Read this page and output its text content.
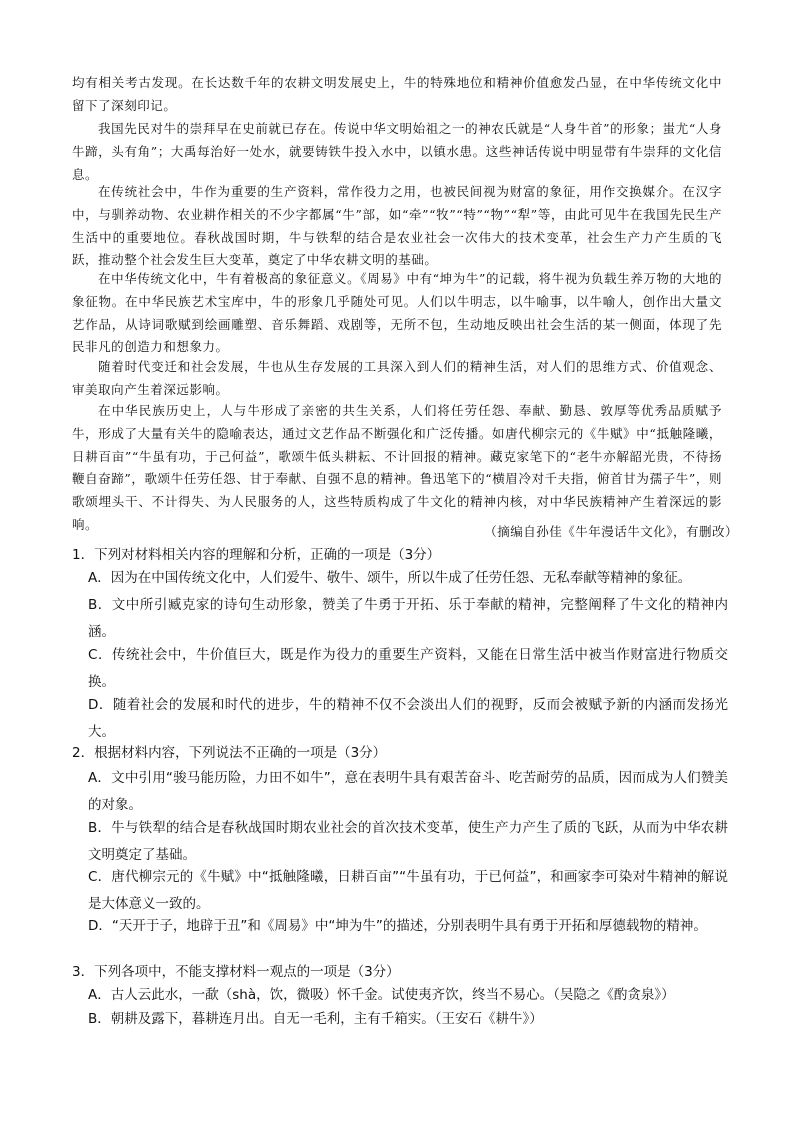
均有相关考古发现。在长达数千年的农耕文明发展史上，牛的特殊地位和精神价值愈发凸显，在中华传统文化中留下了深刻印记。

我国先民对牛的崇拜早在史前就已存在。传说中华文明始祖之一的神农氏就是“人身牛首”的形象；蚩尤“人身牛蹄，头有角”；大禹每治好一处水，就要铸铁牛投入水中，以镇水患。这些神话传说中明显带有牛崇拜的文化信息。

在传统社会中，牛作为重要的生产资料，常作役力之用，也被民间视为财富的象征，用作交换媒介。在汉字中，与驯养动物、农业耕作相关的不少字都属“牛”部，如“牵”“牧”“特”“物”“犁”等，由此可见牛在我国先民生产生活中的重要地位。春秋战国时期，牛与铁犁的结合是农业社会一次伟大的技术变革，社会生产力产生质的飞跃，推动整个社会发生巨大变革，奠定了中华农耕文明的基础。

在中华传统文化中，牛有着极高的象征意义。《周易》中有“坤为牛”的记载，将牛视为负载生养万物的大地的象征物。在中华民族艺术宝库中，牛的形象几乎随处可见。人们以牛明志，以牛喻事，以牛喻人，创作出大量文艺作品，从诗词歌赋到绘画雕塑、音乐舞蹈、戏剧等，无所不包，生动地反映出社会生活的某一侧面，体现了先民非凡的创造力和想象力。

随着时代变迁和社会发展，牛也从生存发展的工具深入到人们的精神生活，对人们的思维方式、价值观念、审美取向产生着深远影响。

在中华民族历史上，人与牛形成了亲密的共生关系，人们将任劳任怨、奉献、勤恳、敦厚等优秀品质赋予牛，形成了大量有关牛的隐喻表达，通过文艺作品不断强化和广泛传播。如唐代柳宗元的《牛赋》中“抵触隆曦，日耕百亩”“牛虽有功，于己何益”，歌颂牛低头耕耘、不计回报的精神。藏克家笔下的“老牛亦解韶光贵，不待扬鞭自奋蹄”，歌颂牛任劳任怨、甘于奉献、自强不息的精神。鲁迅笔下的“横眉冷对千夫指，俯首甘为孺子牛”，则歌颂埋头干、不计得失、为人民服务的人，这些特质构成了牛文化的精神内核，对中华民族精神产生着深远的影响。	（摘编自孙佳《牛年漫话牛文化》，有删改）

1．下列对材料相关内容的理解和分析，正确的一项是（3分）

A．因为在中国传统文化中，人们爱牛、敬牛、颂牛，所以牛成了任劳任怨、无私奉献等精神的象征。

B．文中所引臧克家的诗句生动形象，赞美了牛勇于开拓、乐于奉献的精神，完整阐释了牛文化的精神内涵。

C．传统社会中，牛价值巨大，既是作为役力的重要生产资料，又能在日常生活中被当作财富进行物质交换。

D．随着社会的发展和时代的进步，牛的精神不仅不会淡出人们的视野，反而会被赋予新的内涵而发扬光大。

2．根据材料内容，下列说法不正确的一项是（3分）

A．文中引用“骏马能历险，力田不如牛”，意在表明牛具有艰苦奋斗、吃苦耐劳的品质，因而成为人们赞美的对象。

B．牛与铁犁的结合是春秋战国时期农业社会的首次技术变革，使生产力产生了质的飞跃，从而为中华农耕文明奠定了基础。

C．唐代柳宗元的《牛赋》中“抵触隆曦，日耕百亩”“牛虽有功，于已何益”，和画家李可染对牛精神的解说是大体意义一致的。

D．“天开于子，地辟于丑”和《周易》中“坤为牛”的描述，分别表明牛具有勇于开拓和厚德载物的精神。

3．下列各项中，不能支撑材料一观点的一项是（3分）

A．古人云此水，一歃（shà，饮，微吸）怀千金。试使夷齐饮，终当不易心。（吴隐之《酌贪泉》）

B．朝耕及露下，暮耕连月出。自无一毛利，主有千箱实。（王安石《耕牛》）
